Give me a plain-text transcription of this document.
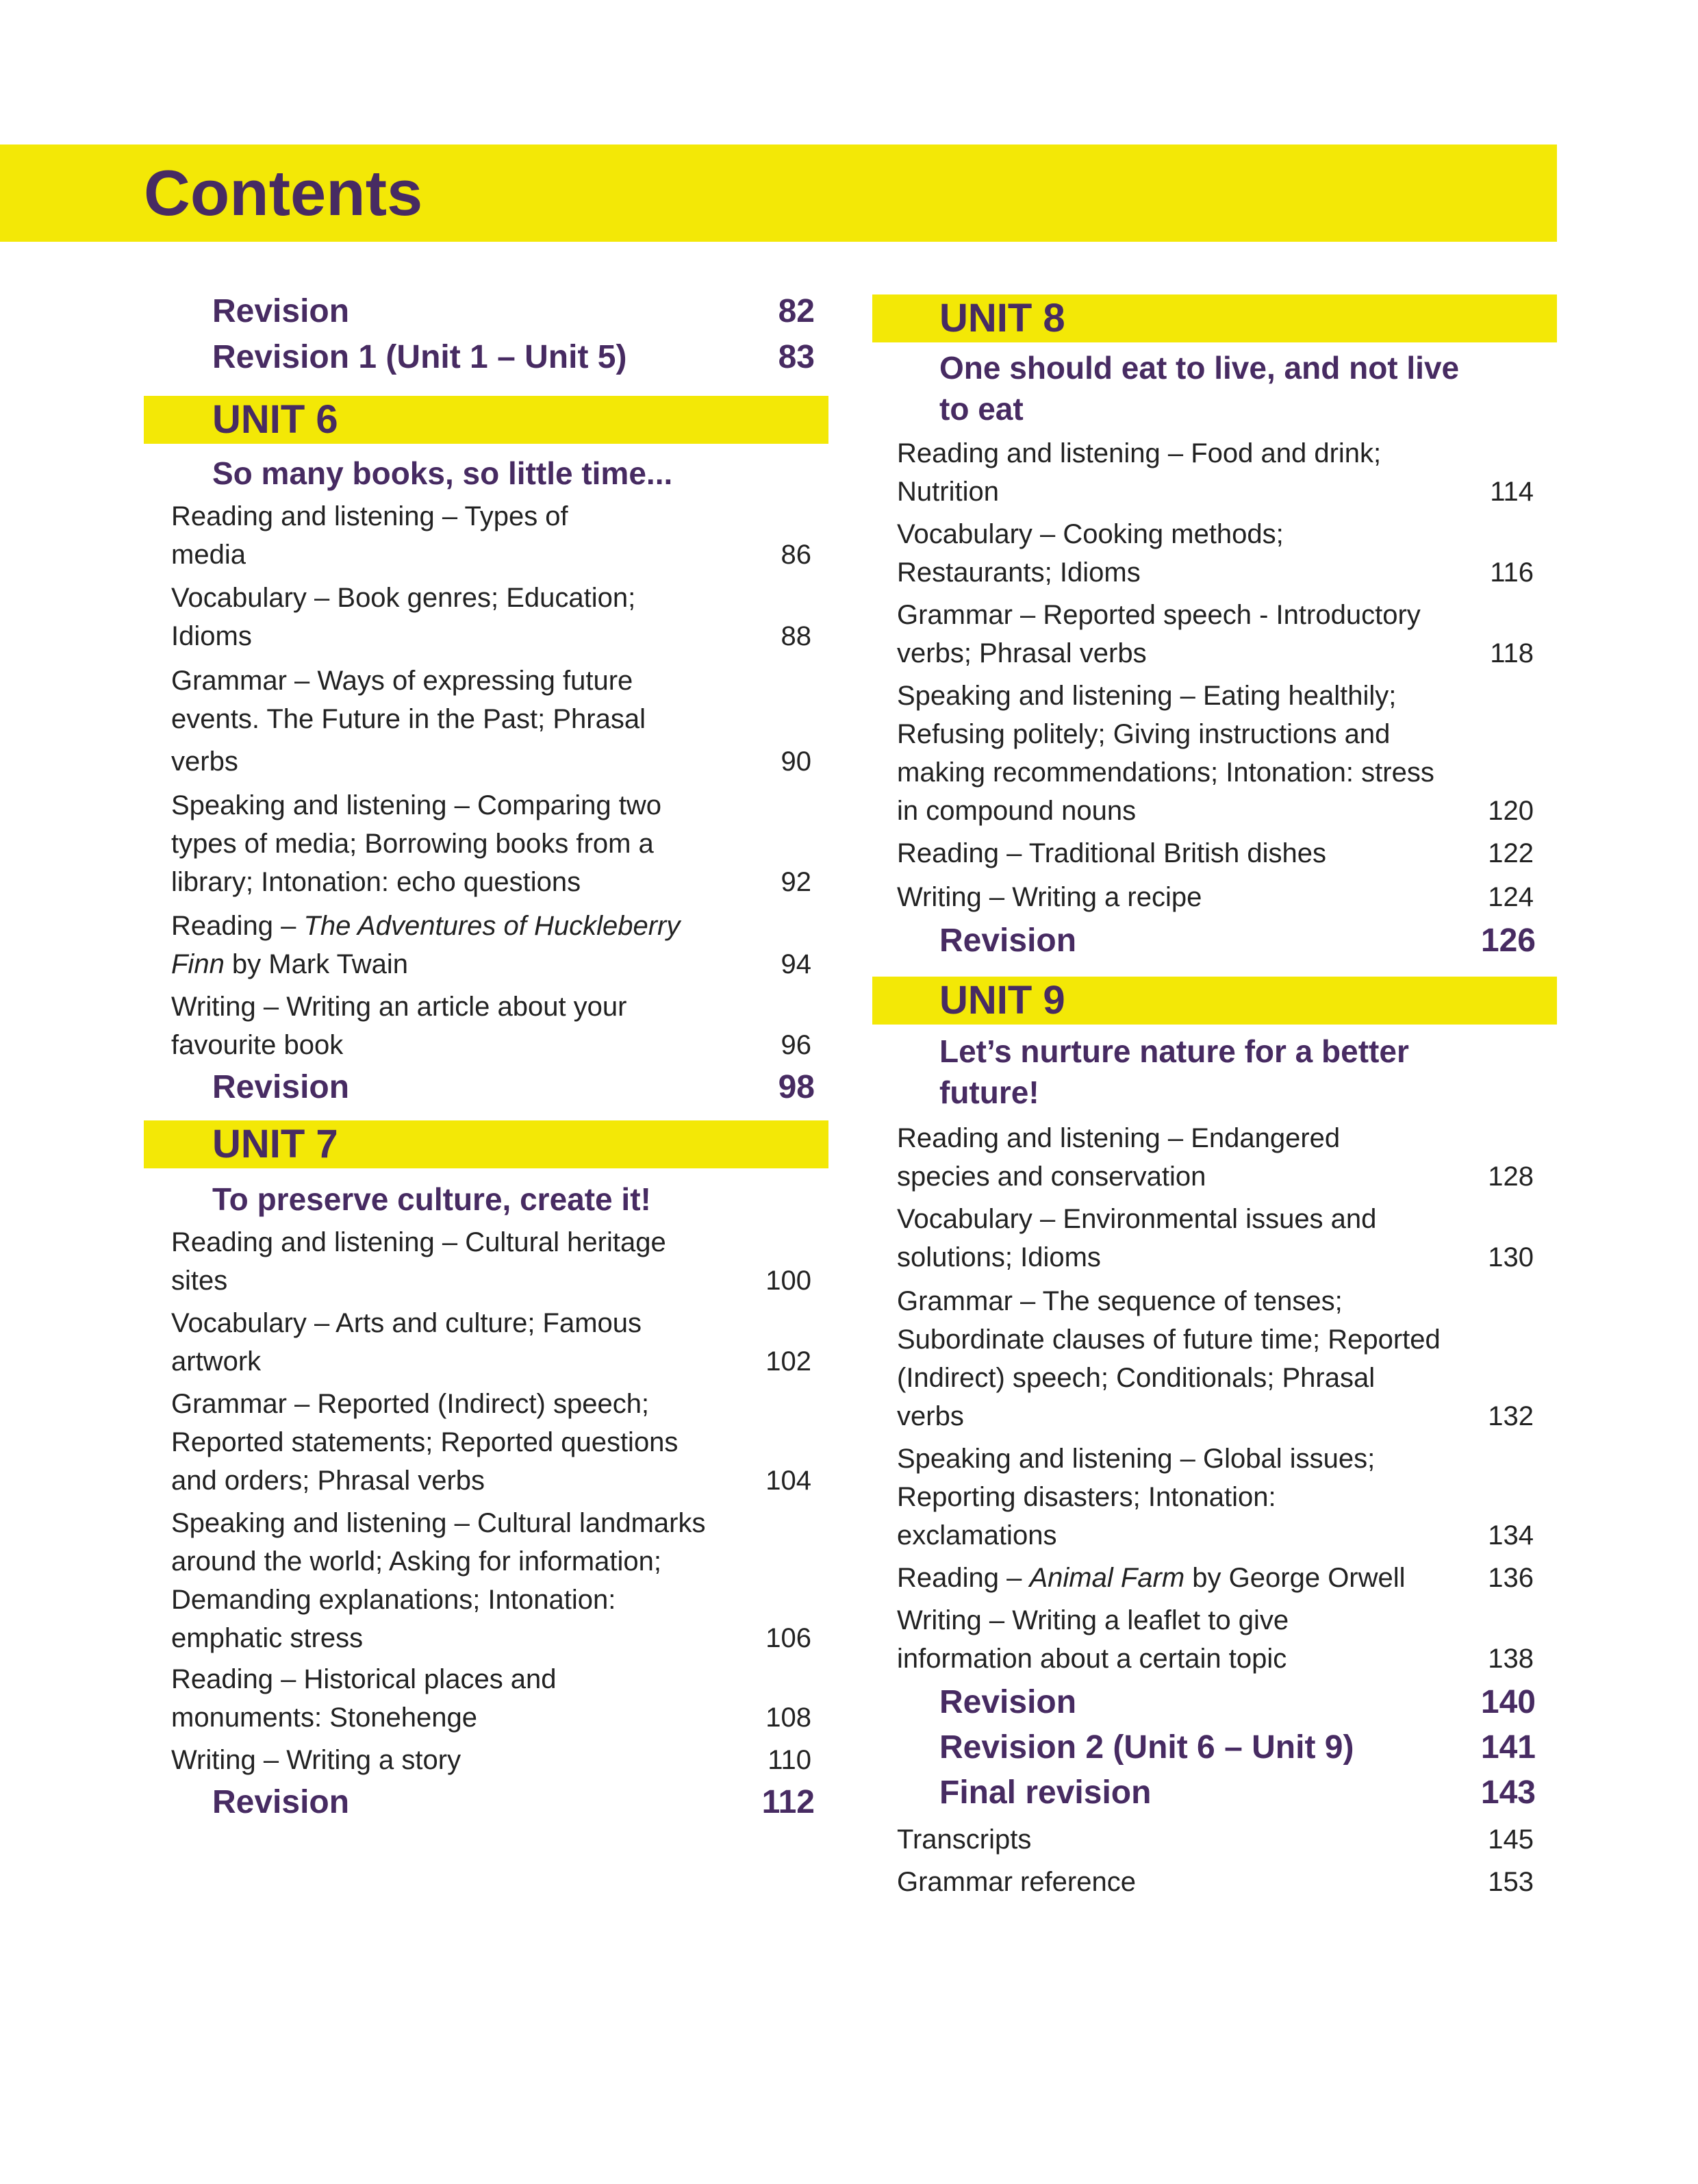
Contents
Revision	82
Revision 1 (Unit 1 – Unit 5)	83
UNIT 6
So many books, so little time...
Reading and listening – Types of
media	86
Vocabulary – Book genres; Education;
Idioms	88
Grammar – Ways of expressing future
events. The Future in the Past; Phrasal
verbs	90
Speaking and listening – Comparing two
types of media; Borrowing books from a
library; Intonation: echo questions	92
Reading – The Adventures of Huckleberry
Finn by Mark Twain	94
Writing – Writing an article about your
favourite book	96
Revision	98
UNIT 7
To preserve culture, create it!
Reading and listening – Cultural heritage
sites	100
Vocabulary – Arts and culture; Famous
artwork	102
Grammar – Reported (Indirect) speech;
Reported statements; Reported questions
and orders; Phrasal verbs	104
Speaking and listening – Cultural landmarks
around the world; Asking for information;
Demanding explanations; Intonation:
emphatic stress	106
Reading – Historical places and
monuments: Stonehenge	108
Writing – Writing a story	110
Revision	112
UNIT 8
One should eat to live, and not live
to eat
Reading and listening – Food and drink;
Nutrition	114
Vocabulary – Cooking methods;
Restaurants; Idioms	116
Grammar – Reported speech - Introductory
verbs; Phrasal verbs	118
Speaking and listening – Eating healthily;
Refusing politely; Giving instructions and
making recommendations; Intonation: stress
in compound nouns	120
Reading – Traditional British dishes	122
Writing – Writing a recipe	124
Revision	126
UNIT 9
Let’s nurture nature for a better
future!
Reading and listening – Endangered
species and conservation	128
Vocabulary – Environmental issues and
solutions; Idioms	130
Grammar – The sequence of tenses;
Subordinate clauses of future time; Reported
(Indirect) speech; Conditionals; Phrasal
verbs	132
Speaking and listening – Global issues;
Reporting disasters; Intonation:
exclamations	134
Reading – Animal Farm by George Orwell	136
Writing – Writing a leaflet to give
information about a certain topic	138
Revision	140
Revision 2 (Unit 6 – Unit 9)	141
Final revision	143
Transcripts	145
Grammar reference	153
